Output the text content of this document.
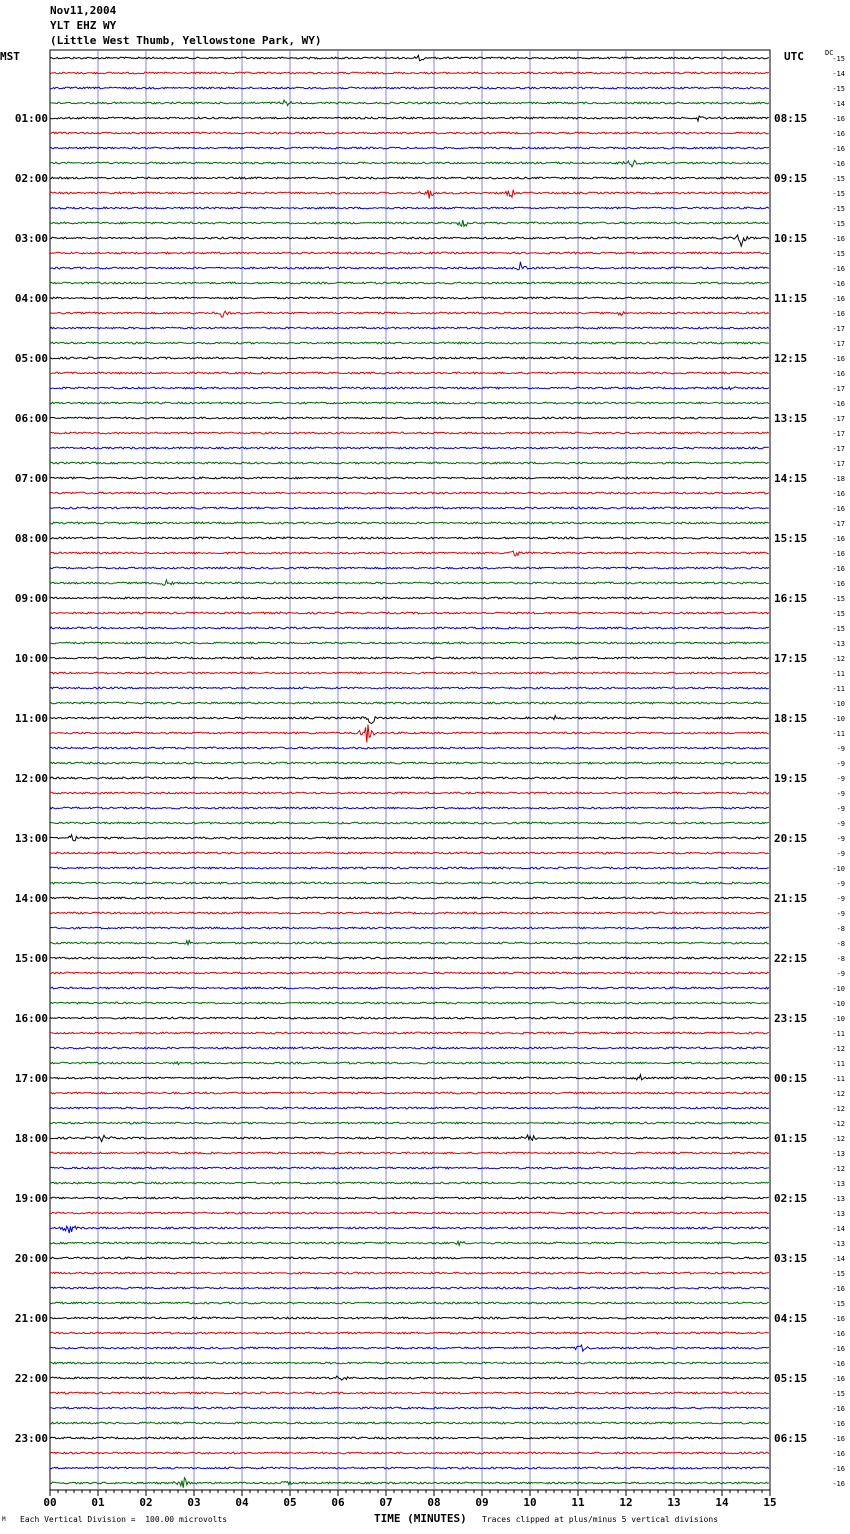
Nov11,2004
YLT EHZ WY
(Little West Thumb, Yellowstone Park, WY)
MST	UTC	DC
00	01	02	03	04	05	06	07	08	09	10	11	12	13	14	15
-15
-14
-15
-14
-16
-16
-16
-16
-15
-15
-15
-15
-16
-15
-16
-16
-16
-16
-17
-17
-16
-16
-17
-16
-17
-17
-17
-17
-18
-16
-16
-17
-16
-16
-16
-16
-15
-15
-15
-13
-12
-11
-11
-10
-10
-11
-9
-9
-9
-9
-9
-9
-9
-9
-10
-9
-9
-9
-8
-8
-8
-9
-10
-10
-10
-11
-12
-11
-11
-12
-12
-12
-12
-13
-12
-13
-13
-13
-14
-13
-14
-15
-16
-15
-16
-16
-16
-16
-16
-15
-16
-16
-16
-16
-16
-16
01:00
02:00
03:00
04:00
05:00
06:00
07:00
08:00
09:00
10:00
11:00
12:00
13:00
14:00
15:00
16:00
17:00
18:00
19:00
20:00
21:00
22:00
23:00
08:15
09:15
10:15
11:15
12:15
13:15
14:15
15:15
16:15
17:15
18:15
19:15
20:15
21:15
22:15
23:15
00:15
01:15
02:15
03:15
04:15
05:15
06:15
M Each Vertical Division =  100.00 microvolts	TIME (MINUTES) Traces clipped at plus/minus 5 vertical divisions
